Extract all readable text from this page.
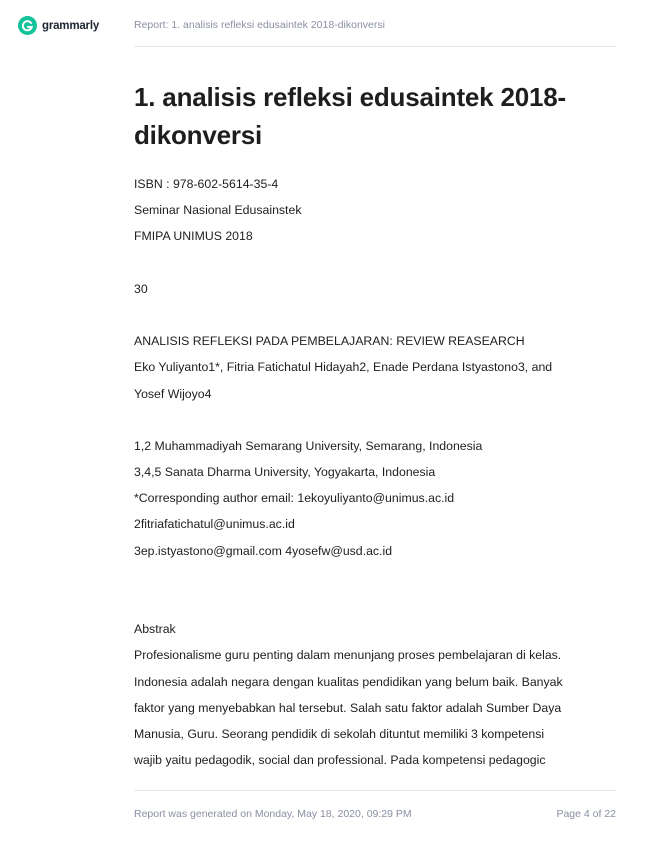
grammarly	Report: 1. analisis refleksi edusaintek 2018-dikonversi
1. analisis refleksi edusaintek 2018-dikonversi
ISBN : 978-602-5614-35-4
Seminar Nasional Edusainstek
FMIPA UNIMUS 2018
30
ANALISIS REFLEKSI PADA PEMBELAJARAN: REVIEW REASEARCH
Eko Yuliyanto1*, Fitria Fatichatul Hidayah2, Enade Perdana Istyastono3, and
Yosef Wijoyo4
1,2 Muhammadiyah Semarang University, Semarang, Indonesia
3,4,5 Sanata Dharma University, Yogyakarta, Indonesia
*Corresponding author email: 1ekoyuliyanto@unimus.ac.id
2fitriafatichatul@unimus.ac.id
3ep.istyastono@gmail.com 4yosefw@usd.ac.id
Abstrak
Profesionalisme guru penting dalam menunjang proses pembelajaran di kelas.
Indonesia adalah negara dengan kualitas pendidikan yang belum baik. Banyak
faktor yang menyebabkan hal tersebut. Salah satu faktor adalah Sumber Daya
Manusia, Guru. Seorang pendidik di sekolah dituntut memiliki 3 kompetensi
wajib yaitu pedagodik, social dan professional. Pada kompetensi pedagogic
Report was generated on Monday, May 18, 2020, 09:29 PM	Page 4 of 22
